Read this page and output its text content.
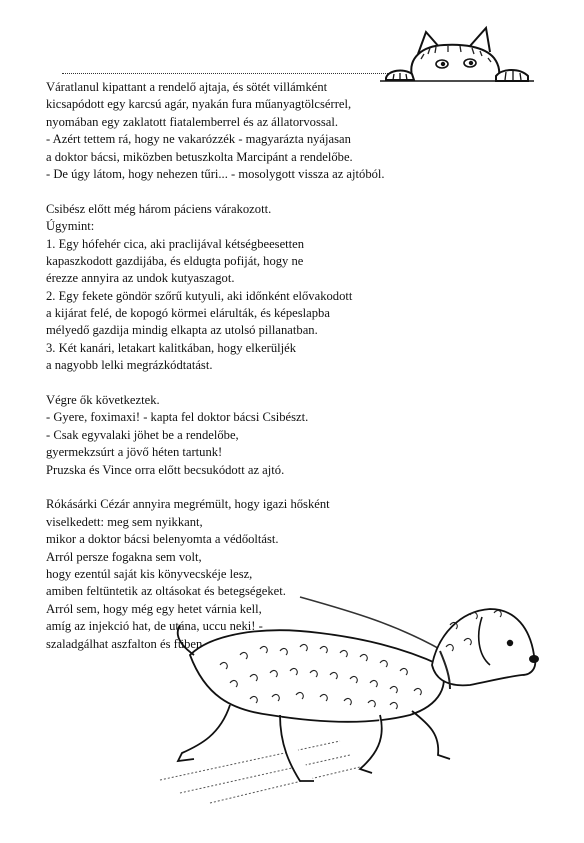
Váratlanul kipattant a rendelő ajtaja, és sötét villámként
kicsapódott egy karcsú agár, nyakán fura műanyagtölcsérrel,
nyomában egy zaklatott fiatalemberrel és az állatorvossal.
- Azért tettem rá, hogy ne vakarózzék - magyarázta nyájasan
a doktor bácsi, miközben betuszkolta Marcipánt a rendelőbe.
- De úgy látom, hogy nehezen tűri... - mosolygott vissza az ajtóból.
Csibész előtt még három páciens várakozott.
Úgymint:
1. Egy hófehér cica, aki praclijával kétségbeesetten
kapaszkodott gazdijába, és eldugta pofiját, hogy ne
érezze annyira az undok kutyaszagot.
2. Egy fekete göndör szőrű kutyuli, aki időnként elővakodott
a kijárat felé, de kopogó körmei elárulták, és képeslapba
mélyedő gazdija mindig elkapta az utolsó pillanatban.
3. Két kanári, letakart kalitkában, hogy elkerüljék
a nagyobb lelki megrázkódtatást.
Végre ők következtek.
- Gyere, foximaxi! - kapta fel doktor bácsi Csibészt.
- Csak egyvalaki jöhet be a rendelőbe,
gyermekzsúrt a jövő héten tartunk!
Pruzska és Vince orra előtt becsukódott az ajtó.
Rókásárki Cézár annyira megrémült, hogy igazi hősként
viselkedett: meg sem nyikkant,
mikor a doktor bácsi belenyomta a védőoltást.
Arról persze fogakna sem volt,
hogy ezentúl saját kis könyvecskéje lesz,
amiben feltüntetik az oltásokat és betegségeket.
Arról sem, hogy még egy hetet várnia kell,
amíg az injekció hat, de utána, uccu neki! -
szaladgálhat aszfalton és füben.
